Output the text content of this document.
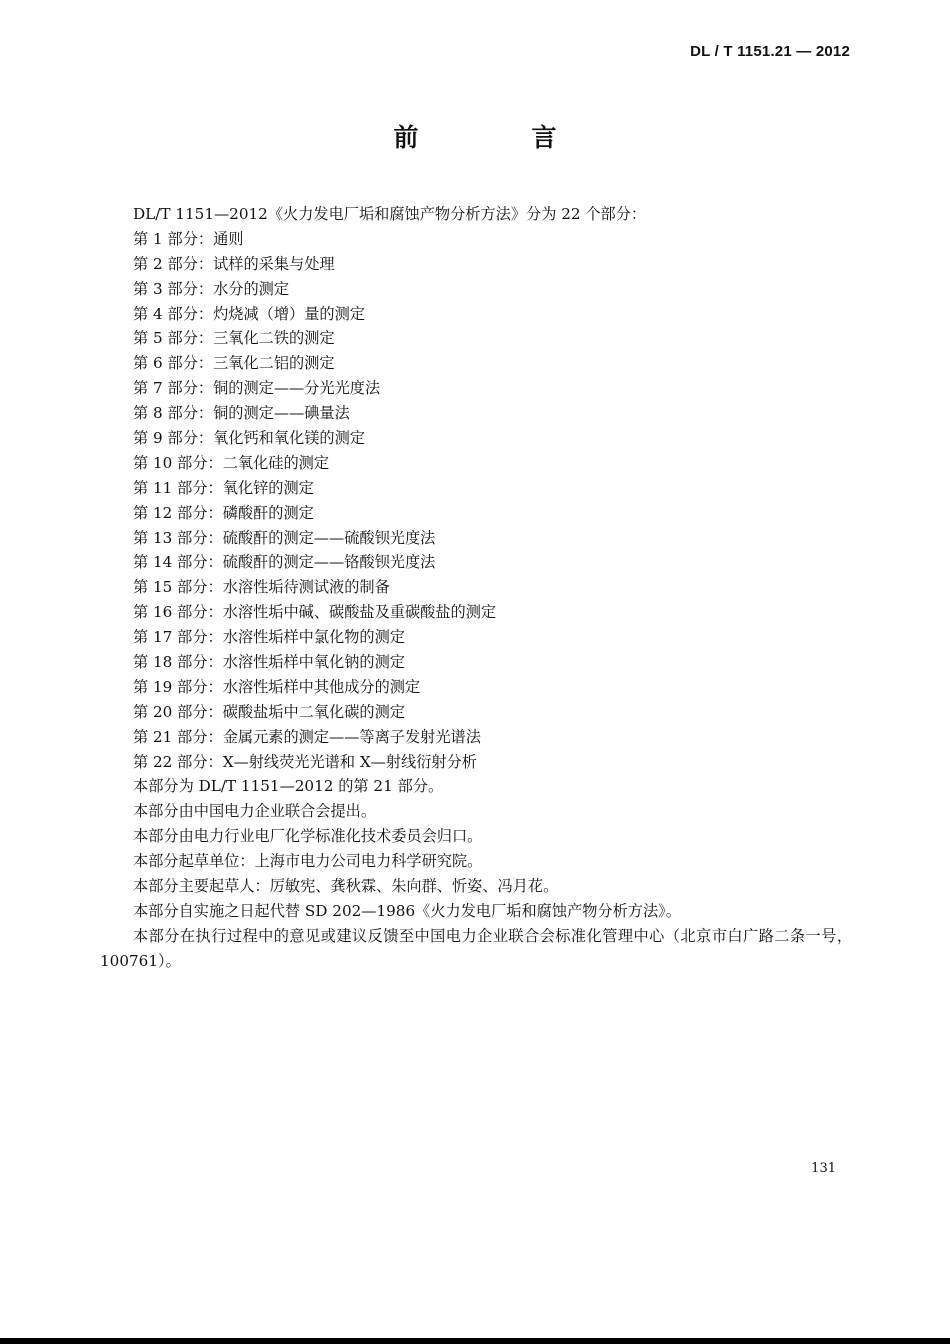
DL / T 1151.21 — 2012
前　言
DL/T 1151—2012《火力发电厂垢和腐蚀产物分析方法》分为 22 个部分：
第 1 部分：通则
第 2 部分：试样的采集与处理
第 3 部分：水分的测定
第 4 部分：灼烧减（增）量的测定
第 5 部分：三氧化二铁的测定
第 6 部分：三氧化二铝的测定
第 7 部分：铜的测定——分光光度法
第 8 部分：铜的测定——碘量法
第 9 部分：氧化钙和氧化镁的测定
第 10 部分：二氧化硅的测定
第 11 部分：氧化锌的测定
第 12 部分：磷酸酐的测定
第 13 部分：硫酸酐的测定——硫酸钡光度法
第 14 部分：硫酸酐的测定——铬酸钡光度法
第 15 部分：水溶性垢待测试液的制备
第 16 部分：水溶性垢中碱、碳酸盐及重碳酸盐的测定
第 17 部分：水溶性垢样中氯化物的测定
第 18 部分：水溶性垢样中氧化钠的测定
第 19 部分：水溶性垢样中其他成分的测定
第 20 部分：碳酸盐垢中二氧化碳的测定
第 21 部分：金属元素的测定——等离子发射光谱法
第 22 部分：X—射线荧光光谱和 X—射线衍射分析
本部分为 DL/T 1151—2012 的第 21 部分。
本部分由中国电力企业联合会提出。
本部分由电力行业电厂化学标准化技术委员会归口。
本部分起草单位：上海市电力公司电力科学研究院。
本部分主要起草人：厉敏宪、龚秋霖、朱向群、忻姿、冯月花。
本部分自实施之日起代替 SD 202—1986《火力发电厂垢和腐蚀产物分析方法》。
本部分在执行过程中的意见或建议反馈至中国电力企业联合会标准化管理中心（北京市白广路二条一号，100761）。
131
